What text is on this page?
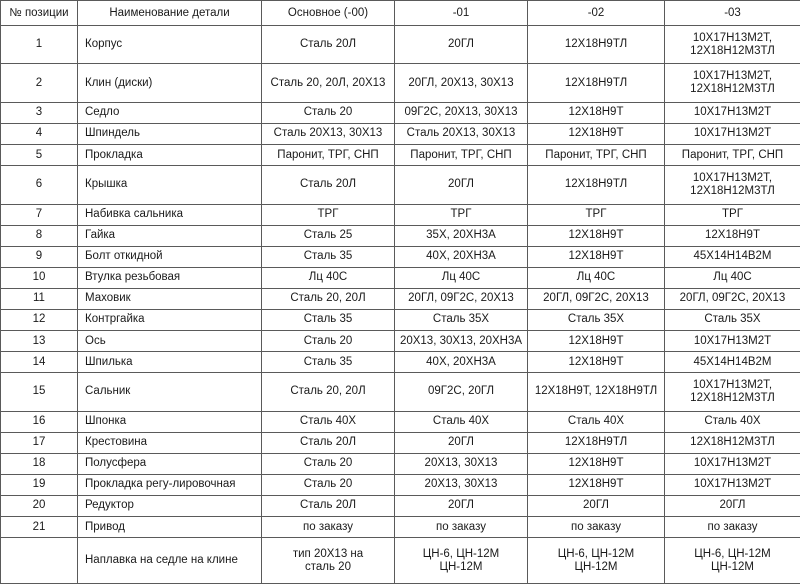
№ позиции	Наименование детали	Основное (-00)	-01	-02	-03
1	Корпус	Сталь 20Л	20ГЛ	12Х18Н9ТЛ	10Х17Н13М2Т,
12Х18Н12М3ТЛ

2	Клин (диски)	Сталь 20, 20Л, 20Х13	20ГЛ, 20Х13, 30Х13	12Х18Н9ТЛ	10Х17Н13М2Т,
12Х18Н12М3ТЛ

3	Седло	Сталь 20	09Г2С, 20Х13, 30Х13	12Х18Н9Т	10Х17Н13М2Т

4	Шпиндель	Сталь 20Х13, 30Х13	Сталь 20Х13, 30Х13	12Х18Н9Т	10Х17Н13М2Т

5	Прокладка	Паронит, ТРГ, СНП	Паронит, ТРГ, СНП	Паронит, ТРГ, СНП	Паронит, ТРГ, СНП

6	Крышка	Сталь 20Л	20ГЛ	12Х18Н9ТЛ	10Х17Н13М2Т,
12Х18Н12М3ТЛ

7	Набивка сальника	ТРГ	ТРГ	ТРГ	ТРГ

8	Гайка	Сталь 25	35Х, 20ХН3А	12Х18Н9Т	12Х18Н9Т

9	Болт откидной	Сталь 35	40Х, 20ХН3А	12Х18Н9Т	45Х14Н14В2М

10	Втулка резьбовая	Лц 40С	Лц 40С	Лц 40С	Лц 40С

11	Маховик	Сталь 20, 20Л	20ГЛ, 09Г2С, 20Х13	20ГЛ, 09Г2С, 20Х13	20ГЛ, 09Г2С, 20Х13

12	Контргайка	Сталь 35	Сталь 35Х	Сталь 35Х	Сталь 35Х

13	Ось	Сталь 20	20Х13, 30Х13, 20ХН3А	12Х18Н9Т	10Х17Н13М2Т

14	Шпилька	Сталь 35	40Х, 20ХН3А	12Х18Н9Т	45Х14Н14В2М

15	Сальник	Сталь 20, 20Л	09Г2С, 20ГЛ	12Х18Н9Т, 12Х18Н9ТЛ	10Х17Н13М2Т,
12Х18Н12М3ТЛ

16	Шпонка	Сталь 40Х	Сталь 40Х	Сталь 40Х	Сталь 40Х

17	Крестовина	Сталь 20Л	20ГЛ	12Х18Н9ТЛ	12Х18Н12М3ТЛ

18	Полусфера	Сталь 20	20Х13, 30Х13	12Х18Н9Т	10Х17Н13М2Т

19	Прокладка регу-лировочная	Сталь 20	20Х13, 30Х13	12Х18Н9Т	10Х17Н13М2Т

20	Редуктор	Сталь 20Л	20ГЛ	20ГЛ	20ГЛ

21	Привод	по заказу	по заказу	по заказу	по заказу

	Наплавка на седле на клине	тип 20Х13 на
сталь 20	ЦН-6, ЦН-12М
ЦН-12М	ЦН-6, ЦН-12М
ЦН-12М	ЦН-6, ЦН-12М
ЦН-12М
